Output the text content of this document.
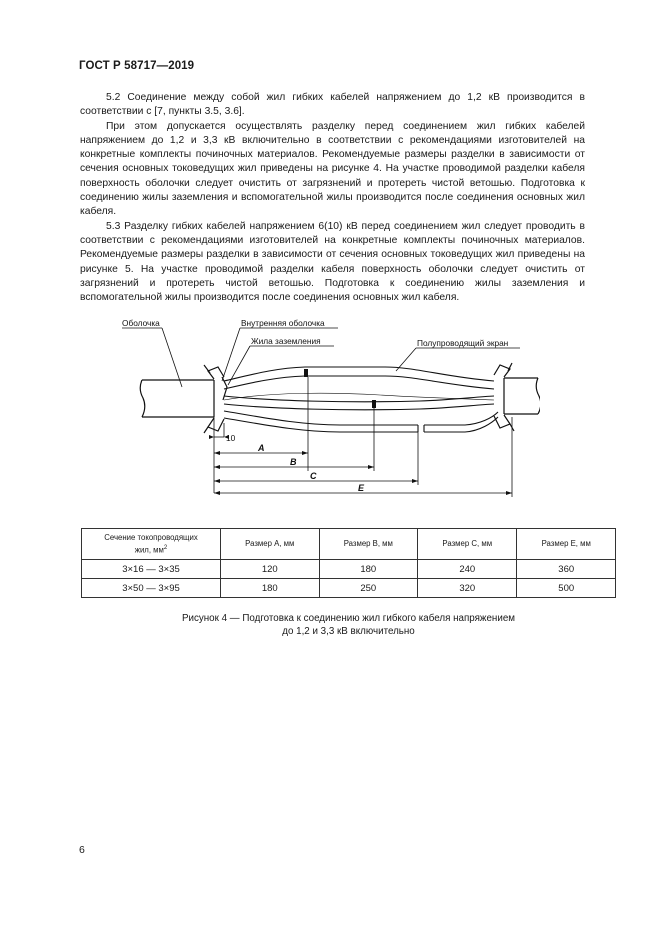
ГОСТ Р 58717—2019

5.2 Соединение между собой жил гибких кабелей напряжением до 1,2 кВ производится в соответствии с [7, пункты 3.5, 3.6].

При этом допускается осуществлять разделку перед соединением жил гибких кабелей напряжением до 1,2 и 3,3 кВ включительно в соответствии с рекомендациями изготовителей на конкретные комплекты починочных материалов. Рекомендуемые размеры разделки в зависимости от сечения основных токоведущих жил приведены на рисунке 4. На участке проводимой разделки кабеля поверхность оболочки следует очистить от загрязнений и протереть чистой ветошью. Подготовка к соединению жилы заземления и вспомогательной жилы производится после соединения основных жил кабеля.

5.3 Разделку гибких кабелей напряжением 6(10) кВ перед соединением жил следует проводить в соответствии с рекомендациями изготовителей на конкретные комплекты починочных материалов. Рекомендуемые размеры разделки в зависимости от сечения основных токоведущих жил приведены на рисунке 5. На участке проводимой разделки кабеля поверхность оболочки следует очистить от загрязнений и протереть чистой ветошью. Подготовка к соединению жилы заземления и вспомогательной жилы производится после соединения основных жил кабеля.

Оболочка	Внутренняя оболочка
Жила заземления	Полупроводящий экран
10
A
B
C
E
Сечение токопроводящих
жил, $мм^2$	Размер A, мм	Размер B, мм	Размер C, мм	Размер E, мм
3×16 — 3×35	120	180	240	360
3×50 — 3×95	180	250	320	500
Рисунок 4 — Подготовка к соединению жил гибкого кабеля напряжением
до 1,2 и 3,3 кВ включительно
6
